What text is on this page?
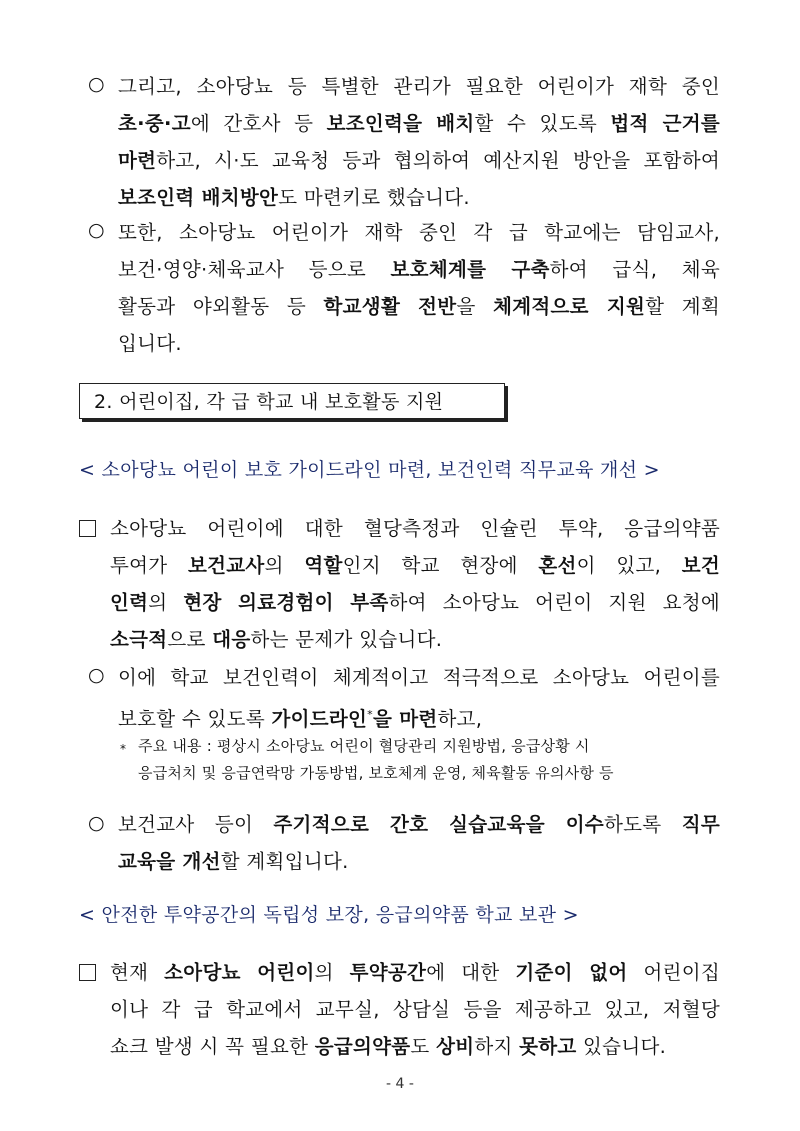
○ 그리고, 소아당뇨 등 특별한 관리가 필요한 어린이가 재학 중인
초·중·고에 간호사 등 보조인력을 배치할 수 있도록 법적 근거를
마련하고, 시·도 교육청 등과 협의하여 예산지원 방안을 포함하여
보조인력 배치방안도 마련키로 했습니다.
○ 또한, 소아당뇨 어린이가 재학 중인 각 급 학교에는 담임교사,
보건·영양·체육교사 등으로 보호체계를 구축하여 급식, 체육
활동과 야외활동 등 학교생활 전반을 체계적으로 지원할 계획
입니다.
2. 어린이집, 각 급 학교 내 보호활동 지원
< 소아당뇨 어린이 보호 가이드라인 마련, 보건인력 직무교육 개선 >
소아당뇨 어린이에 대한 혈당측정과 인슐린 투약, 응급의약품
투여가 보건교사의 역할인지 학교 현장에 혼선이 있고, 보건
인력의 현장 의료경험이 부족하여 소아당뇨 어린이 지원 요청에
소극적으로 대응하는 문제가 있습니다.
○ 이에 학교 보건인력이 체계적이고 적극적으로 소아당뇨 어린이를
보호할 수 있도록 가이드라인*을 마련하고,
* 주요 내용 : 평상시 소아당뇨 어린이 혈당관리 지원방법, 응급상황 시
응급처치 및 응급연락망 가동방법, 보호체계 운영, 체육활동 유의사항 등
○ 보건교사 등이 주기적으로 간호 실습교육을 이수하도록 직무
교육을 개선할 계획입니다.
< 안전한 투약공간의 독립성 보장, 응급의약품 학교 보관 >
현재 소아당뇨 어린이의 투약공간에 대한 기준이 없어 어린이집
이나 각 급 학교에서 교무실, 상담실 등을 제공하고 있고, 저혈당
쇼크 발생 시 꼭 필요한 응급의약품도 상비하지 못하고 있습니다.
- 4 -
